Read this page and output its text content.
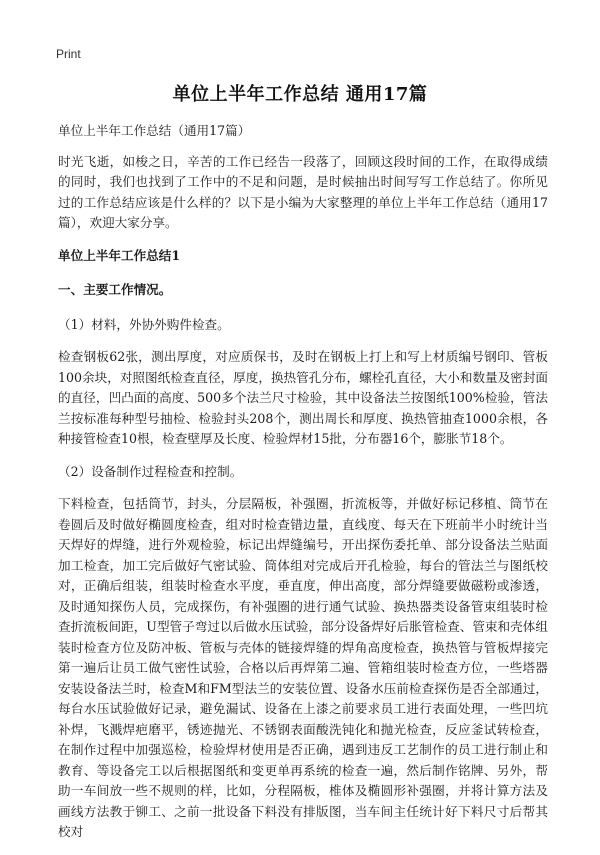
Print
单位上半年工作总结 通用17篇

单位上半年工作总结（通用17篇）

时光飞逝，如梭之日，辛苦的工作已经告一段落了，回顾这段时间的工作，在取得成绩的同时，我们也找到了工作中的不足和问题，是时候抽出时间写写工作总结了。你所见过的工作总结应该是什么样的？以下是小编为大家整理的单位上半年工作总结（通用17篇），欢迎大家分享。

单位上半年工作总结1

一、主要工作情况。

（1）材料，外协外购件检查。

检查钢板62张，测出厚度，对应质保书，及时在钢板上打上和写上材质编号钢印、管板100余块，对照图纸检查直径，厚度，换热管孔分布，螺栓孔直径，大小和数量及密封面的直径，凹凸面的高度、500多个法兰尺寸检验，其中设备法兰按图纸100%检验，管法兰按标准每种型号抽检、检验封头208个，测出周长和厚度、换热管抽查1000余根，各种接管检查10根，检查壁厚及长度、检验焊材15批，分布器16个，膨胀节18个。

（2）设备制作过程检查和控制。

下料检查，包括筒节，封头，分层隔板，补强圈，折流板等，并做好标记移植、筒节在卷圆后及时做好椭圆度检查，组对时检查错边量，直线度、每天在下班前半小时统计当天焊好的焊缝，进行外观检验，标记出焊缝编号，开出探伤委托单、部分设备法兰贴面加工检查，加工完后做好气密试验、筒体组对完成后开孔检验，每台的管法兰与图纸校对，正确后组装，组装时检查水平度，垂直度，伸出高度，部分焊缝要做磁粉或渗透，及时通知探伤人员，完成探伤，有补强圈的进行通气试验、换热器类设备管束组装时检查折流板间距，U型管子弯过以后做水压试验，部分设备焊好后胀管检查、管束和壳体组装时检查方位及防冲板、管板与壳体的链接焊缝的焊角高度检查，换热管与管板焊接完第一遍后让员工做气密性试验，合格以后再焊第二遍、管箱组装时检查方位，一些塔器安装设备法兰时，检查M和FM型法兰的安装位置、设备水压前检查探伤是否全部通过，每台水压试验做好记录，避免漏试、设备在上漆之前要求员工进行表面处理，一些凹坑补焊，飞溅焊疤磨平，锈迹抛光、不锈钢表面酸洗钝化和抛光检查，反应釜试转检查，在制作过程中加强巡检，检验焊材使用是否正确，遇到违反工艺制作的员工进行制止和教育、等设备完工以后根据图纸和变更单再系统的检查一遍，然后制作铭牌、另外，帮助一车间放一些不规则的样，比如，分程隔板，椎体及椭圆形补强圈，并将计算方法及画线方法教于铆工、之前一批设备下料没有排版图，当车间主任统计好下料尺寸后帮其校对
